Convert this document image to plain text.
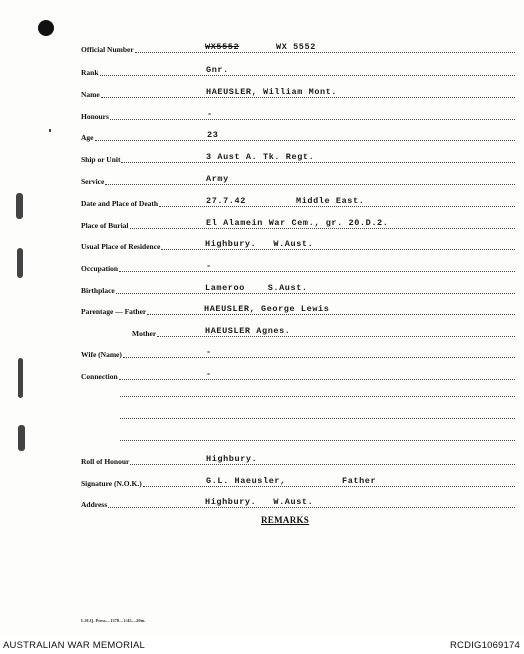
Official Number	WX5552	WX 5552
Rank	Gnr.
Name	HAEUSLER, William Mont.
Honours	-
Age	23
Ship or Unit	3 Aust A. Tk. Regt.
Service	Army
Date and Place of Death	27.7.42	Middle East.
Place of Burial	El Alamein War Cem., gr. 20.D.2.
Usual Place of Residence	Highbury.   W.Aust.
Occupation	-
Birthplace	Lameroo    S.Aust.
Parentage — Father	HAEUSLER, George Lewis
Mother	HAEUSLER Agnes.
Wife (Name)	-
Connection	-
Roll of Honour	Highbury.
Signature (N.O.K.)	G.L. Haeusler,	Father
Address	Highbury.   W.Aust.
REMARKS
L.H.Q. Press—1378—1/45—20m.
AUSTRALIAN WAR MEMORIAL	RCDIG1069174
